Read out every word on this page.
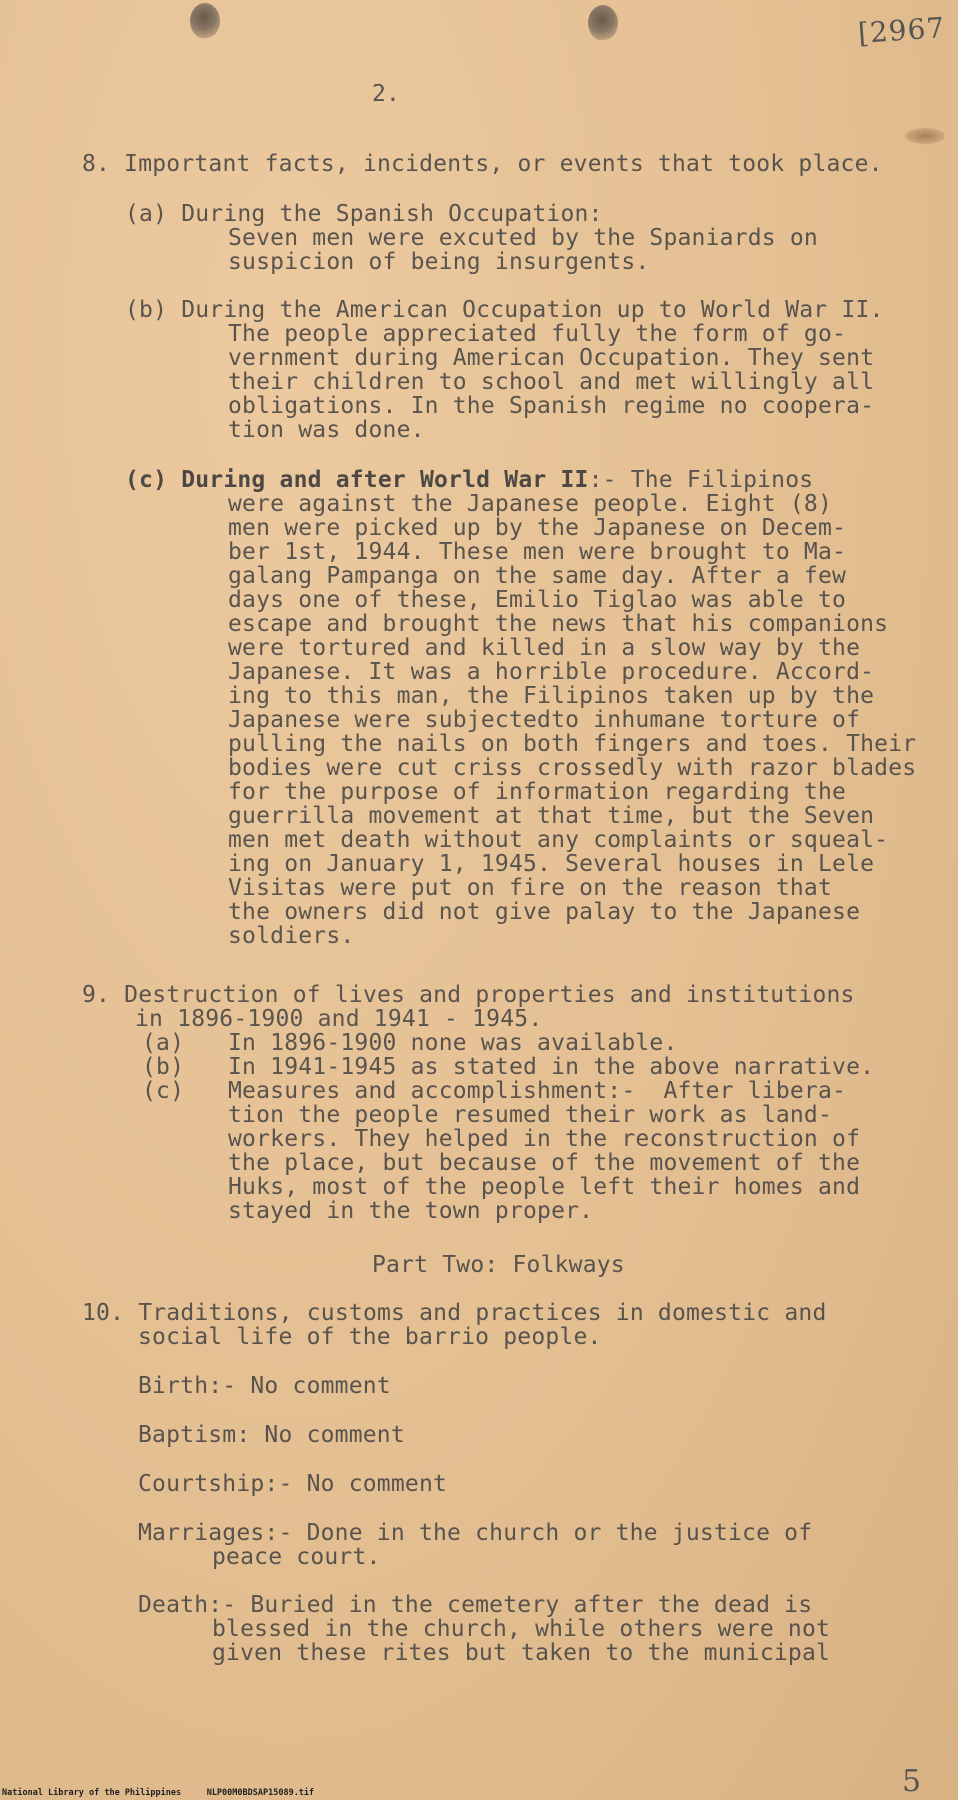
[2967
2.
8. Important facts, incidents, or events that took place.
(a) During the Spanish Occupation:
Seven men were excuted by the Spaniards on
suspicion of being insurgents.
(b) During the American Occupation up to World War II.
The people appreciated fully the form of go-
vernment during American Occupation. They sent
their children to school and met willingly all
obligations. In the Spanish regime no coopera-
tion was done.
(c) During and after World War II:- The Filipinos
were against the Japanese people. Eight (8)
men were picked up by the Japanese on Decem-
ber 1st, 1944. These men were brought to Ma-
galang Pampanga on the same day. After a few
days one of these, Emilio Tiglao was able to
escape and brought the news that his companions
were tortured and killed in a slow way by the
Japanese. It was a horrible procedure. Accord-
ing to this man, the Filipinos taken up by the
Japanese were subjectedto inhumane torture of
pulling the nails on both fingers and toes. Their
bodies were cut criss crossedly with razor blades
for the purpose of information regarding the
guerrilla movement at that time, but the Seven
men met death without any complaints or squeal-
ing on January 1, 1945. Several houses in Lele
Visitas were put on fire on the reason that
the owners did not give palay to the Japanese
soldiers.
9. Destruction of lives and properties and institutions
in 1896-1900 and 1941 - 1945.
(a) In 1896-1900 none was available.
(b) In 1941-1945 as stated in the above narrative.
(c) Measures and accomplishment:-  After libera-
tion the people resumed their work as land-
workers. They helped in the reconstruction of
the place, but because of the movement of the
Huks, most of the people left their homes and
stayed in the town proper.
Part Two: Folkways
10. Traditions, customs and practices in domestic and
social life of the barrio people.
Birth:- No comment
Baptism: No comment
Courtship:- No comment
Marriages:- Done in the church or the justice of
peace court.
Death:- Buried in the cemetery after the dead is
blessed in the church, while others were not
given these rites but taken to the municipal
5
National Library of the Philippines     NLP00M0BDSAP15089.tif
